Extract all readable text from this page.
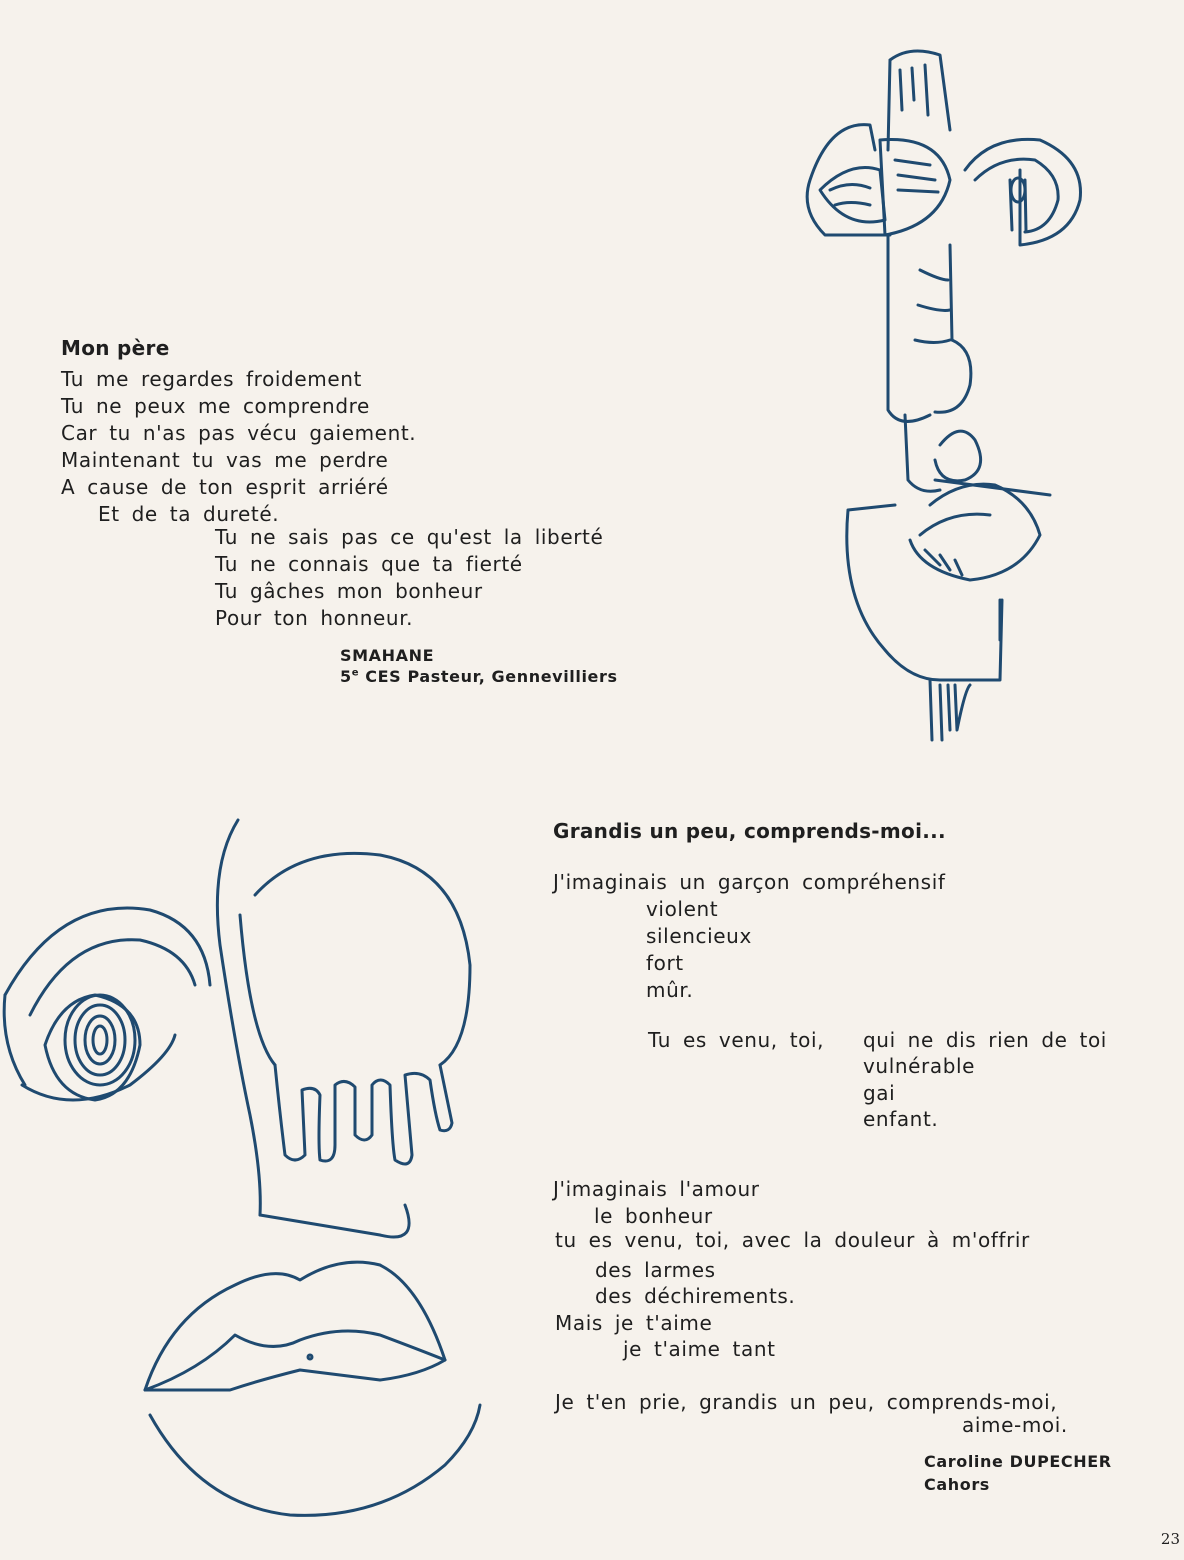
Mon père
Tu me regardes froidement
Tu ne peux me comprendre
Car tu n'as pas vécu gaiement.
Maintenant tu vas me perdre
A cause de ton esprit arriéré
Et de ta dureté.
Tu ne sais pas ce qu'est la liberté
Tu ne connais que ta fierté
Tu gâches mon bonheur
Pour ton honneur.
SMAHANE
5e CES Pasteur, Gennevilliers
Grandis un peu, comprends-moi...
J'imaginais un garçon compréhensif
violent
silencieux
fort
mûr.
Tu es venu, toi, qui ne dis rien de toi
vulnérable
gai
enfant.
J'imaginais l'amour
le bonheur
tu es venu, toi, avec la douleur à m'offrir
des larmes
des déchirements.
Mais je t'aime
je t'aime tant
Je t'en prie, grandis un peu, comprends-moi,
aime-moi.
Caroline DUPECHER
Cahors
23
